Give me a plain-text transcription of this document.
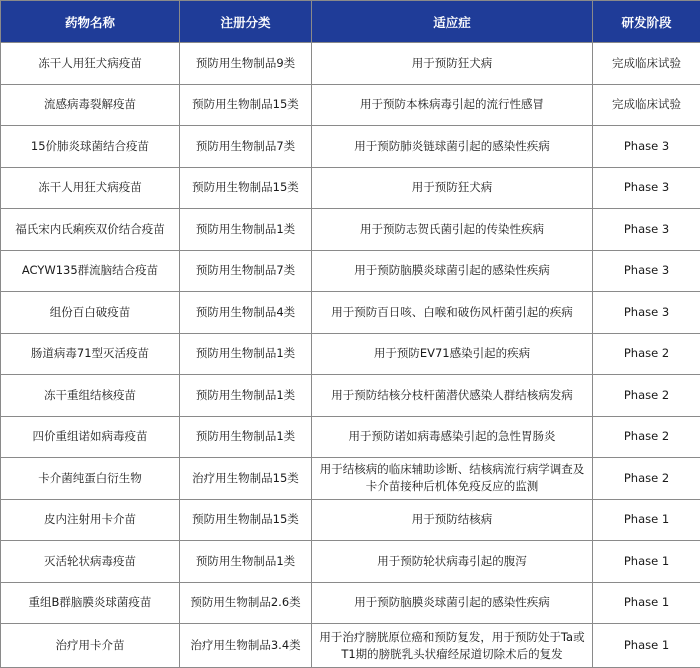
药物名称	注册分类	适应症	研发阶段
冻干人用狂犬病疫苗	预防用生物制品9类	用于预防狂犬病	完成临床试验
流感病毒裂解疫苗	预防用生物制品15类	用于预防本株病毒引起的流行性感冒	完成临床试验
15价肺炎球菌结合疫苗	预防用生物制品7类	用于预防肺炎链球菌引起的感染性疾病	Phase 3
冻干人用狂犬病疫苗	预防用生物制品15类	用于预防狂犬病	Phase 3
福氏宋内氏痢疾双价结合疫苗	预防用生物制品1类	用于预防志贺氏菌引起的传染性疾病	Phase 3
ACYW135群流脑结合疫苗	预防用生物制品7类	用于预防脑膜炎球菌引起的感染性疾病	Phase 3
组份百白破疫苗	预防用生物制品4类	用于预防百日咳、白喉和破伤风杆菌引起的疾病	Phase 3
肠道病毒71型灭活疫苗	预防用生物制品1类	用于预防EV71感染引起的疾病	Phase 2
冻干重组结核疫苗	预防用生物制品1类	用于预防结核分枝杆菌潜伏感染人群结核病发病	Phase 2
四价重组诺如病毒疫苗	预防用生物制品1类	用于预防诺如病毒感染引起的急性胃肠炎	Phase 2
卡介菌纯蛋白衍生物	治疗用生物制品15类	用于结核病的临床辅助诊断、结核病流行病学调查及卡介苗接种后机体免疫反应的监测	Phase 2
皮内注射用卡介苗	预防用生物制品15类	用于预防结核病	Phase 1
灭活轮状病毒疫苗	预防用生物制品1类	用于预防轮状病毒引起的腹泻	Phase 1
重组B群脑膜炎球菌疫苗	预防用生物制品2.6类	用于预防脑膜炎球菌引起的感染性疾病	Phase 1
治疗用卡介苗	治疗用生物制品3.4类	用于治疗膀胱原位癌和预防复发，用于预防处于Ta或T1期的膀胱乳头状瘤经尿道切除术后的复发	Phase 1
